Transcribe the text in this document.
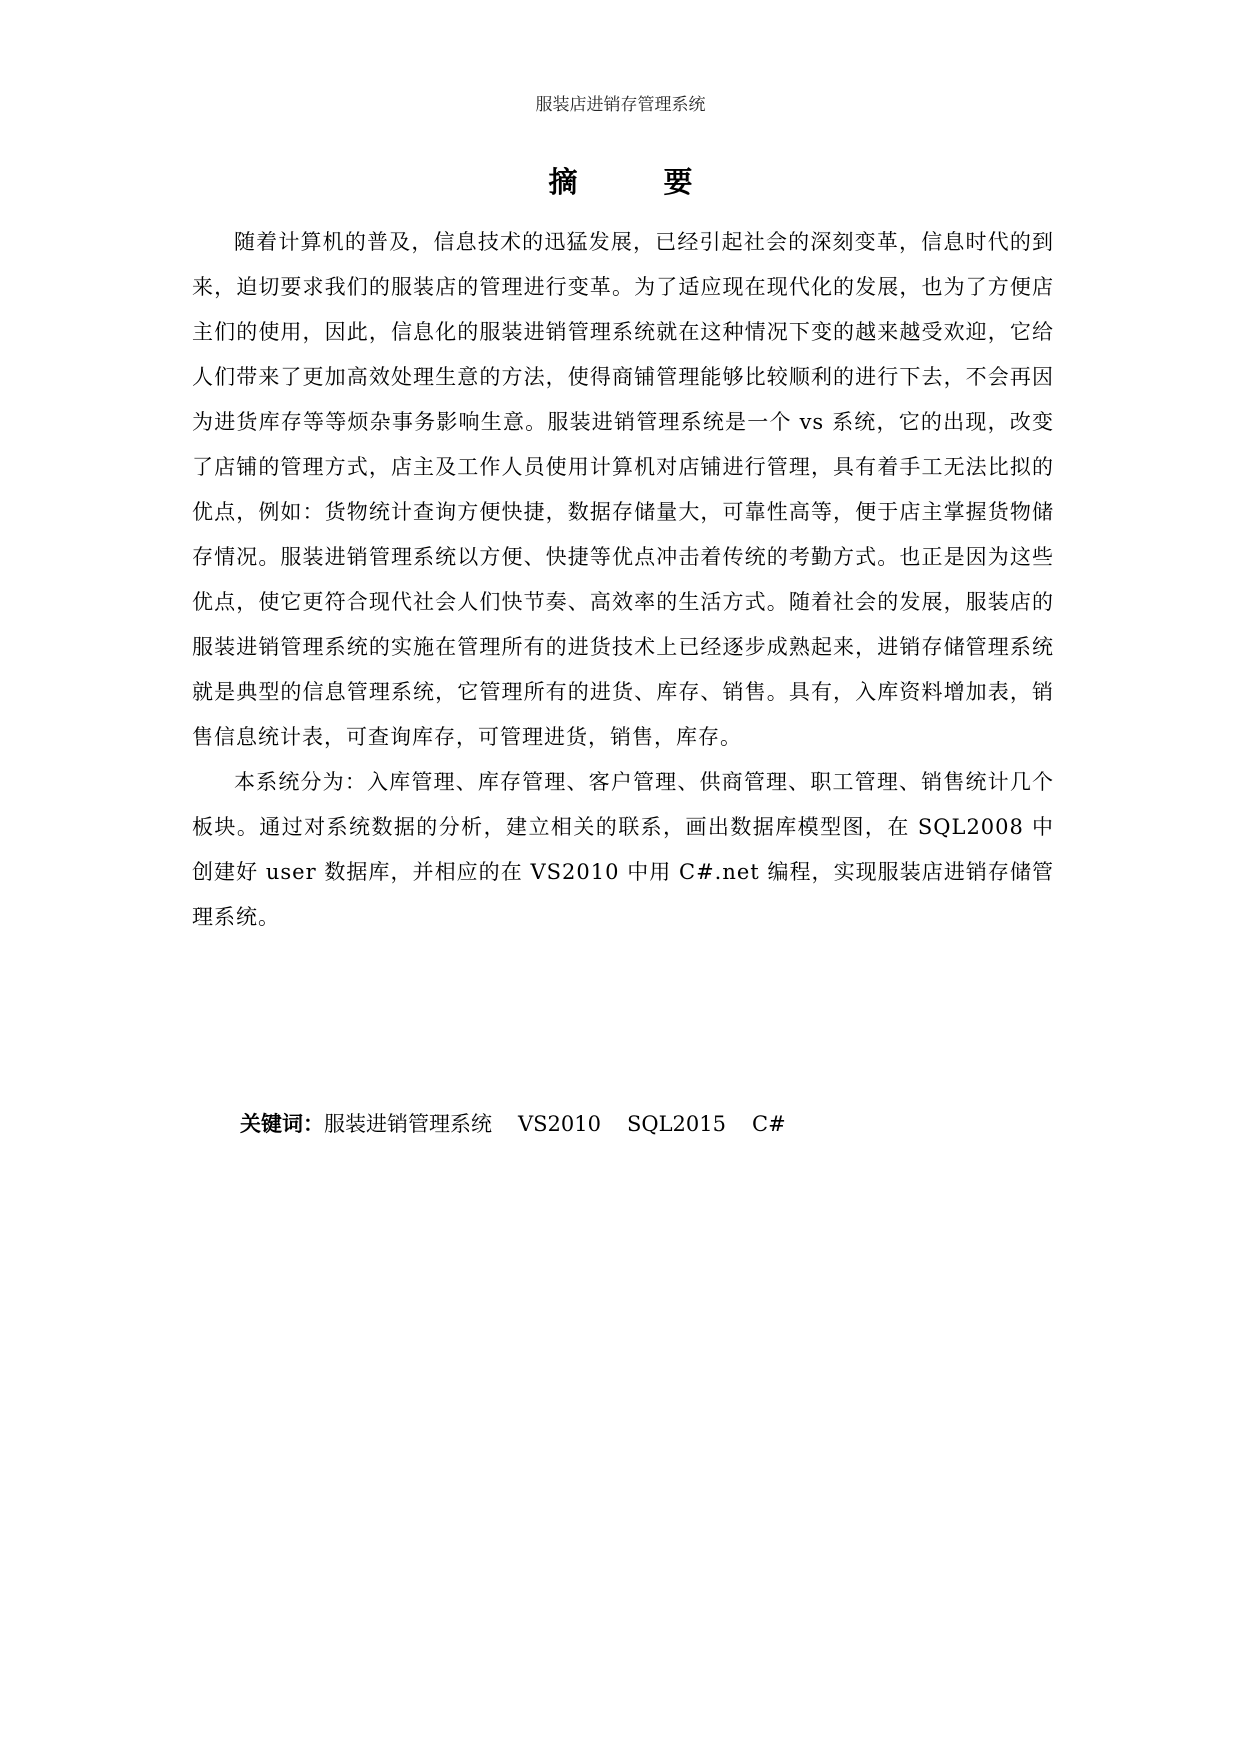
服装店进销存管理系统
摘 要

随着计算机的普及，信息技术的迅猛发展，已经引起社会的深刻变革，信息时代的到来，迫切要求我们的服装店的管理进行变革。为了适应现在现代化的发展，也为了方便店主们的使用，因此，信息化的服装进销管理系统就在这种情况下变的越来越受欢迎，它给人们带来了更加高效处理生意的方法，使得商铺管理能够比较顺利的进行下去，不会再因为进货库存等等烦杂事务影响生意。服装进销管理系统是一个 vs 系统，它的出现，改变了店铺的管理方式，店主及工作人员使用计算机对店铺进行管理，具有着手工无法比拟的优点，例如：货物统计查询方便快捷，数据存储量大，可靠性高等，便于店主掌握货物储存情况。服装进销管理系统以方便、快捷等优点冲击着传统的考勤方式。也正是因为这些优点，使它更符合现代社会人们快节奏、高效率的生活方式。随着社会的发展，服装店的服装进销管理系统的实施在管理所有的进货技术上已经逐步成熟起来，进销存储管理系统就是典型的信息管理系统，它管理所有的进货、库存、销售。具有，入库资料增加表，销售信息统计表，可查询库存，可管理进货，销售，库存。

本系统分为：入库管理、库存管理、客户管理、供商管理、职工管理、销售统计几个板块。通过对系统数据的分析，建立相关的联系，画出数据库模型图，在 SQL2008 中创建好 user 数据库，并相应的在 VS2010 中用 C#.net 编程，实现服装店进销存储管理系统。

关键词：服装进销管理系统 VS2010 SQL2015 C#
